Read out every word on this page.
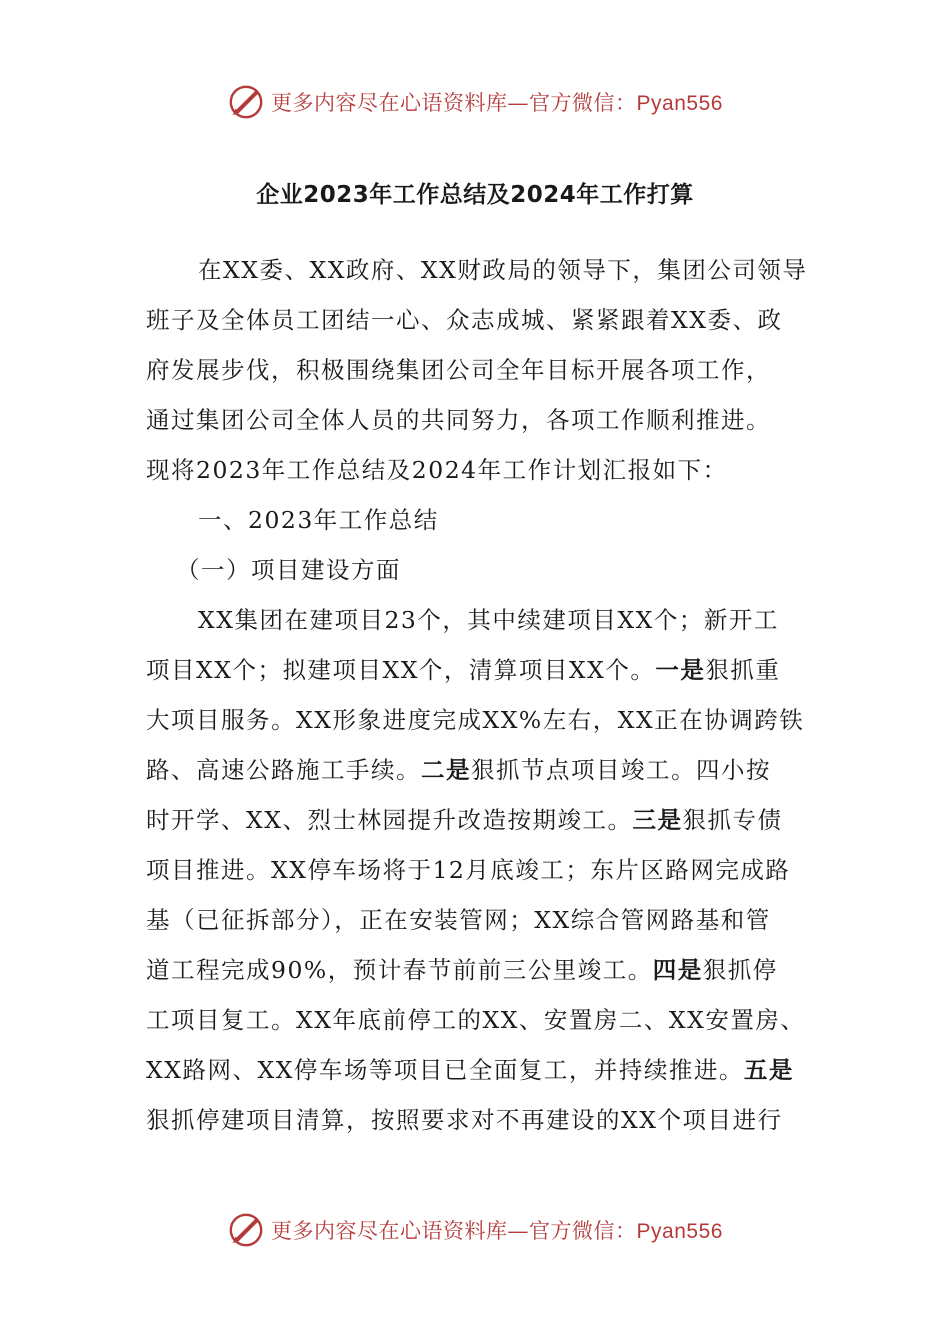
更多内容尽在心语资料库—官方微信：Pyan556
企业2023年工作总结及2024年工作打算
在XX委、XX政府、XX财政局的领导下，集团公司领导
班子及全体员工团结一心、众志成城、紧紧跟着XX委、政
府发展步伐，积极围绕集团公司全年目标开展各项工作，
通过集团公司全体人员的共同努力，各项工作顺利推进。
现将2023年工作总结及2024年工作计划汇报如下：
一、2023年工作总结
（一）项目建设方面
XX集团在建项目23个，其中续建项目XX个；新开工
项目XX个；拟建项目XX个，清算项目XX个。一是狠抓重
大项目服务。XX形象进度完成XX%左右，XX正在协调跨铁
路、高速公路施工手续。二是狠抓节点项目竣工。四小按
时开学、XX、烈士林园提升改造按期竣工。三是狠抓专债
项目推进。XX停车场将于12月底竣工；东片区路网完成路
基（已征拆部分），正在安装管网；XX综合管网路基和管
道工程完成90%，预计春节前前三公里竣工。四是狠抓停
工项目复工。XX年底前停工的XX、安置房二、XX安置房、
XX路网、XX停车场等项目已全面复工，并持续推进。五是
狠抓停建项目清算，按照要求对不再建设的XX个项目进行
更多内容尽在心语资料库—官方微信：Pyan556
